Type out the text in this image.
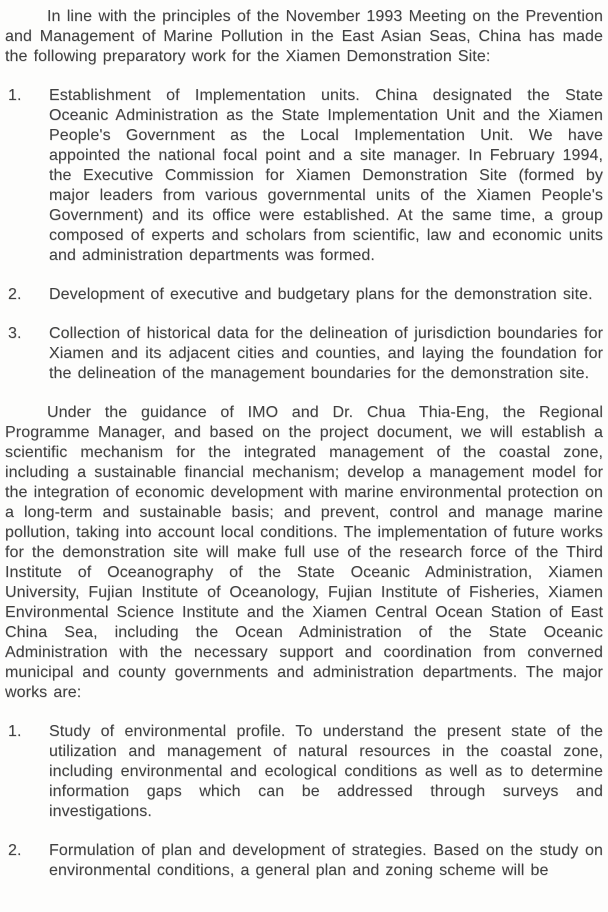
In line with the principles of the November 1993 Meeting on the Prevention and Management of Marine Pollution in the East Asian Seas, China has made the following preparatory work for the Xiamen Demonstration Site:

1. Establishment of Implementation units. China designated the State Oceanic Administration as the State Implementation Unit and the Xiamen People's Government as the Local Implementation Unit. We have appointed the national focal point and a site manager. In February 1994, the Executive Commission for Xiamen Demonstration Site (formed by major leaders from various governmental units of the Xiamen People's Government) and its office were established. At the same time, a group composed of experts and scholars from scientific, law and economic units and administration departments was formed.
2. Development of executive and budgetary plans for the demonstration site.
3. Collection of historical data for the delineation of jurisdiction boundaries for Xiamen and its adjacent cities and counties, and laying the foundation for the delineation of the management boundaries for the demonstration site.

Under the guidance of IMO and Dr. Chua Thia-Eng, the Regional Programme Manager, and based on the project document, we will establish a scientific mechanism for the integrated management of the coastal zone, including a sustainable financial mechanism; develop a management model for the integration of economic development with marine environmental protection on a long-term and sustainable basis; and prevent, control and manage marine pollution, taking into account local conditions. The implementation of future works for the demonstration site will make full use of the research force of the Third Institute of Oceanography of the State Oceanic Administration, Xiamen University, Fujian Institute of Oceanology, Fujian Institute of Fisheries, Xiamen Environmental Science Institute and the Xiamen Central Ocean Station of East China Sea, including the Ocean Administration of the State Oceanic Administration with the necessary support and coordination from converned municipal and county governments and administration departments. The major works are:

1. Study of environmental profile. To understand the present state of the utilization and management of natural resources in the coastal zone, including environmental and ecological conditions as well as to determine information gaps which can be addressed through surveys and investigations.
2. Formulation of plan and development of strategies. Based on the study on environmental conditions, a general plan and zoning scheme will be
